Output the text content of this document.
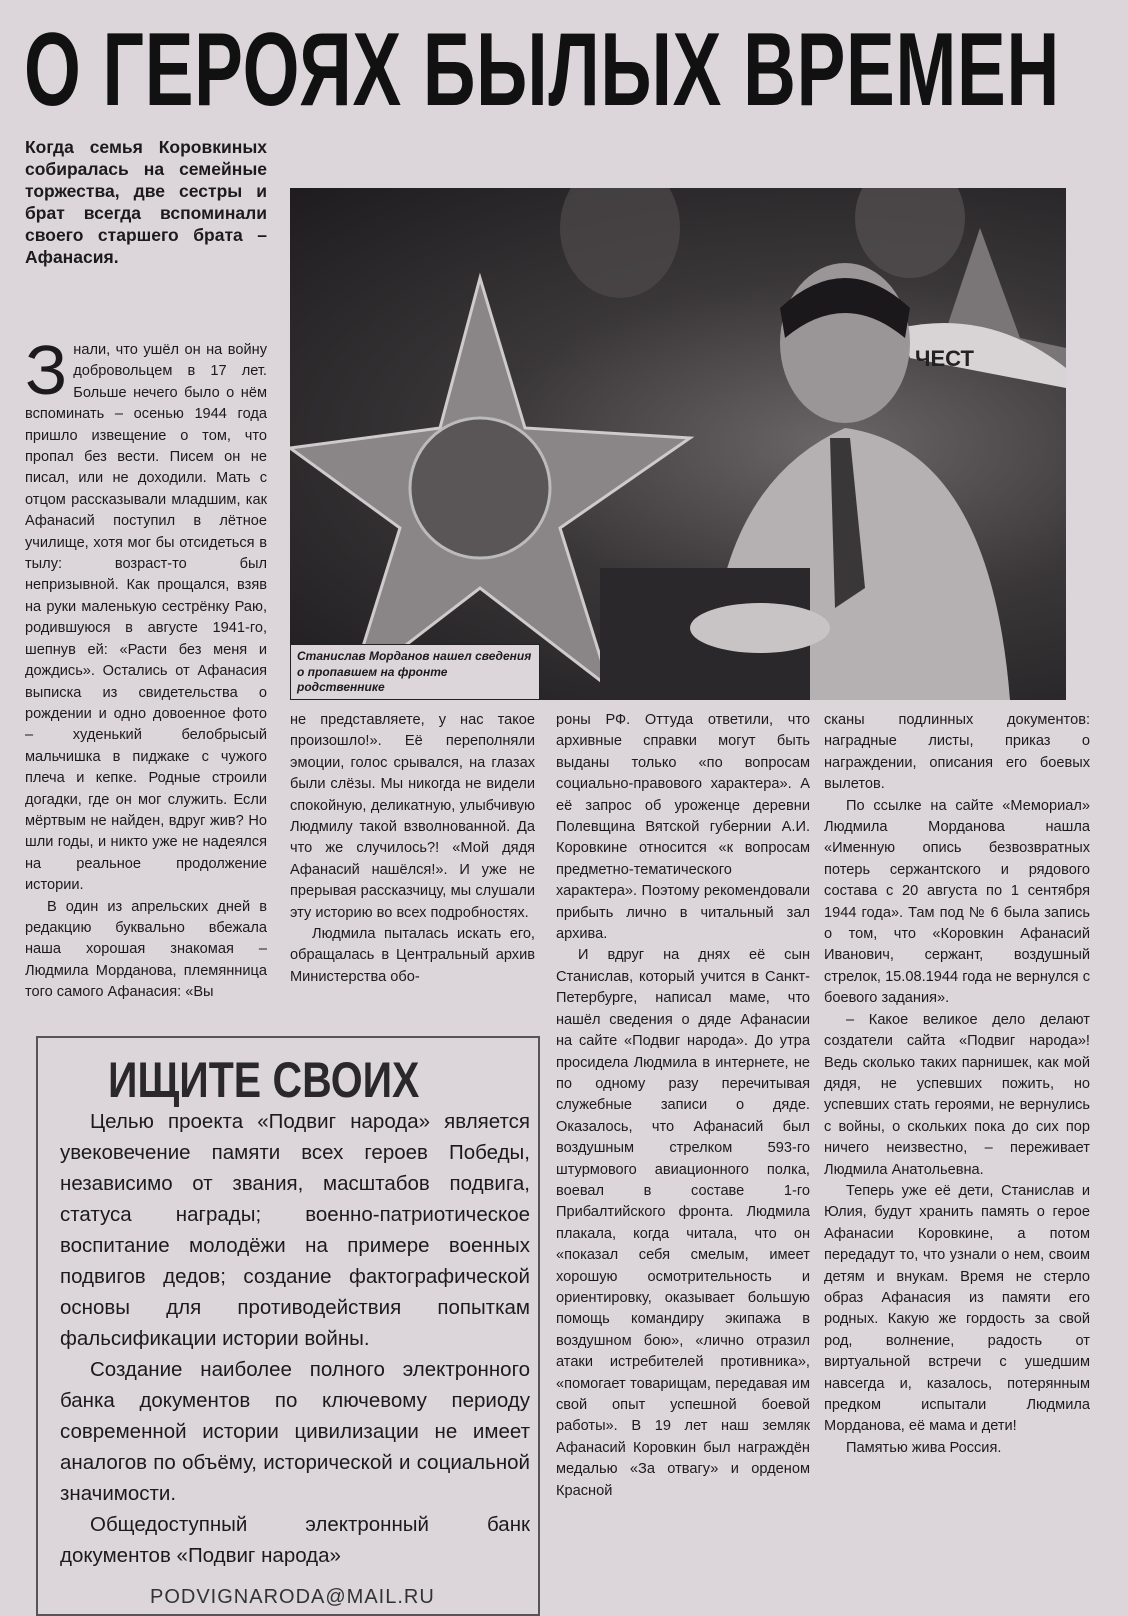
О ГЕРОЯХ БЫЛЫХ ВРЕМЕН
Когда семья Коровкиных собиралась на семейные торжества, две сестры и брат всегда вспоминали своего старшего брата – Афанасия.
ЧЕСТ
Станислав Морданов нашел сведения о пропавшем на фронте родственнике

Знали, что ушёл он на войну добровольцем в 17 лет. Больше нечего было о нём вспоминать – осенью 1944 года пришло извещение о том, что пропал без вести. Писем он не писал, или не доходили. Мать с отцом рассказывали младшим, как Афанасий поступил в лётное училище, хотя мог бы отсидеться в тылу: возраст-то был непризывной. Как прощался, взяв на руки маленькую сестрёнку Раю, родившуюся в августе 1941-го, шепнув ей: «Расти без меня и дождись». Остались от Афанасия выписка из свидетельства о рождении и одно довоенное фото – худенький белобрысый мальчишка в пиджаке с чужого плеча и кепке. Родные строили догадки, где он мог служить. Если мёртвым не найден, вдруг жив? Но шли годы, и никто уже не надеялся на реальное продолжение истории.

В один из апрельских дней в редакцию буквально вбежала наша хорошая знакомая – Людмила Морданова, племянница того самого Афанасия: «Вы

не представляете, у нас такое произошло!». Её переполняли эмоции, голос срывался, на глазах были слёзы. Мы никогда не видели спокойную, деликатную, улыбчивую Людмилу такой взволнованной. Да что же случилось?! «Мой дядя Афанасий нашёлся!». И уже не прерывая рассказчицу, мы слушали эту историю во всех подробностях.

Людмила пыталась искать его, обращалась в Центральный архив Министерства обо-

роны РФ. Оттуда ответили, что архивные справки могут быть выданы только «по вопросам социально-правового характера». А её запрос об уроженце деревни Полевщина Вятской губернии А.И. Коровкине относится «к вопросам предметно-тематического характера». Поэтому рекомендовали прибыть лично в читальный зал архива.

И вдруг на днях её сын Станислав, который учится в Санкт-Петербурге, написал маме, что нашёл сведения о дяде Афанасии на сайте «Подвиг народа». До утра просидела Людмила в интернете, не по одному разу перечитывая служебные записи о дяде. Оказалось, что Афанасий был воздушным стрелком 593-го штурмового авиационного полка, воевал в составе 1-го Прибалтийского фронта. Людмила плакала, когда читала, что он «показал себя смелым, имеет хорошую осмотрительность и ориентировку, оказывает большую помощь командиру экипажа в воздушном бою», «лично отразил атаки истребителей противника», «помогает товарищам, передавая им свой опыт успешной боевой работы». В 19 лет наш земляк Афанасий Коровкин был награждён медалью «За отвагу» и орденом Красной

сканы подлинных документов: наградные листы, приказ о награждении, описания его боевых вылетов.

По ссылке на сайте «Мемориал» Людмила Морданова нашла «Именную опись безвозвратных потерь сержантского и рядового состава с 20 августа по 1 сентября 1944 года». Там под № 6 была запись о том, что «Коровкин Афанасий Иванович, сержант, воздушный стрелок, 15.08.1944 года не вернулся с боевого задания».

– Какое великое дело делают создатели сайта «Подвиг народа»! Ведь сколько таких парнишек, как мой дядя, не успевших пожить, но успевших стать героями, не вернулись с войны, о скольких пока до сих пор ничего неизвестно, – переживает Людмила Анатольевна.

Теперь уже её дети, Станислав и Юлия, будут хранить память о герое Афанасии Коровкине, а потом передадут то, что узнали о нем, своим детям и внукам. Время не стерло образ Афанасия из памяти его родных. Какую же гордость за свой род, волнение, радость от виртуальной встречи с ушедшим навсегда и, казалось, потерянным предком испытали Людмила Морданова, её мама и дети!

Памятью жива Россия.

ИЩИТЕ СВОИХ

Целью проекта «Подвиг народа» является увековечение памяти всех героев Победы, независимо от звания, масштабов подвига, статуса награды; военно-патриотическое воспитание молодёжи на примере военных подвигов дедов; создание фактографической основы для противодействия попыткам фальсификации истории войны.

Создание наиболее полного электронного банка документов по ключевому периоду современной истории цивилизации не имеет аналогов по объёму, исторической и социальной значимости.

Общедоступный электронный банк документов «Подвиг народа»

PODVIGNARODA@MAIL.RU
